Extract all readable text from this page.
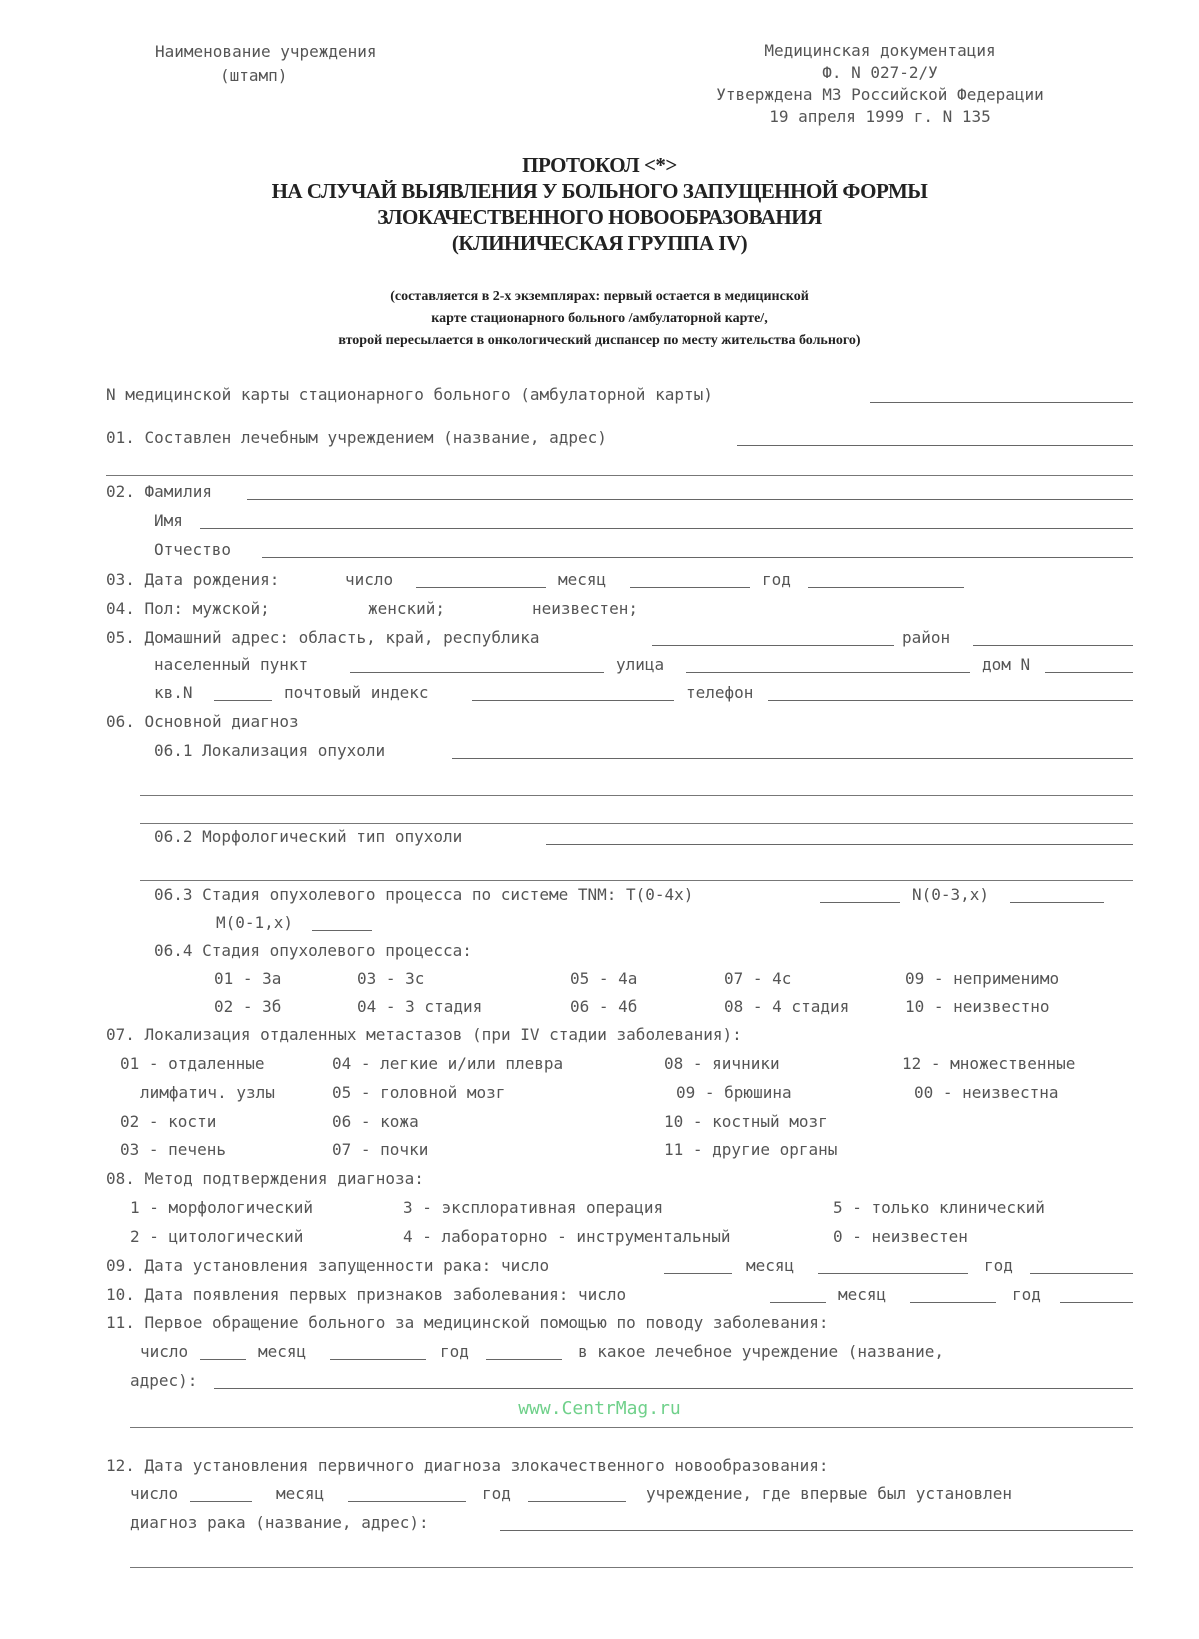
Наименование учреждения
(штамп)
Медицинская документация
Ф. N 027-2/У
Утверждена МЗ Российской Федерации
19 апреля 1999 г. N 135
ПРОТОКОЛ <*>
НА СЛУЧАЙ ВЫЯВЛЕНИЯ У БОЛЬНОГО ЗАПУЩЕННОЙ ФОРМЫ
ЗЛОКАЧЕСТВЕННОГО НОВООБРАЗОВАНИЯ
(КЛИНИЧЕСКАЯ ГРУППА IV)
(составляется в 2-х экземплярах: первый остается в медицинской
карте стационарного больного /амбулаторной карте/,
второй пересылается в онкологический диспансер по месту жительства больного)
N медицинской карты стационарного больного (амбулаторной карты)
01. Составлен лечебным учреждением (название, адрес)
02. Фамилия
Имя
Отчество
03. Дата рождения:	число	месяц	год
04. Пол: мужской;	женский;	неизвестен;
05. Домашний адрес: область, край, республика	район
населенный пункт	улица	дом N
кв.N	почтовый индекс	телефон
06. Основной диагноз
06.1 Локализация опухоли
06.2 Морфологический тип опухоли
06.3 Стадия опухолевого процесса по системе TNM: T(0-4x)	N(0-3,x)
M(0-1,x)
06.4 Стадия опухолевого процесса:
01 - 3а	03 - 3с	05 - 4а	07 - 4с	09 - неприменимо
02 - 3б	04 - 3 стадия	06 - 4б	08 - 4 стадия	10 - неизвестно
07. Локализация отдаленных метастазов (при IV стадии заболевания):
01 - отдаленные	04 - легкие и/или плевра	08 - яичники	12 - множественные
лимфатич. узлы	05 - головной мозг	09 - брюшина	00 - неизвестна
02 - кости	06 - кожа	10 - костный мозг
03 - печень	07 - почки	11 - другие органы
08. Метод подтверждения диагноза:
1 - морфологический	3 - эксплоративная операция	5 - только клинический
2 - цитологический	4 - лабораторно - инструментальный	0 - неизвестен
09. Дата установления запущенности рака: число	месяц	год
10. Дата появления первых признаков заболевания: число	месяц	год
11. Первое обращение больного за медицинской помощью по поводу заболевания:
число	месяц	год	в какое лечебное учреждение (название,
адрес):
www.CentrMag.ru
12. Дата установления первичного диагноза злокачественного новообразования:
число	месяц	год	учреждение, где впервые был установлен
диагноз рака (название, адрес):
